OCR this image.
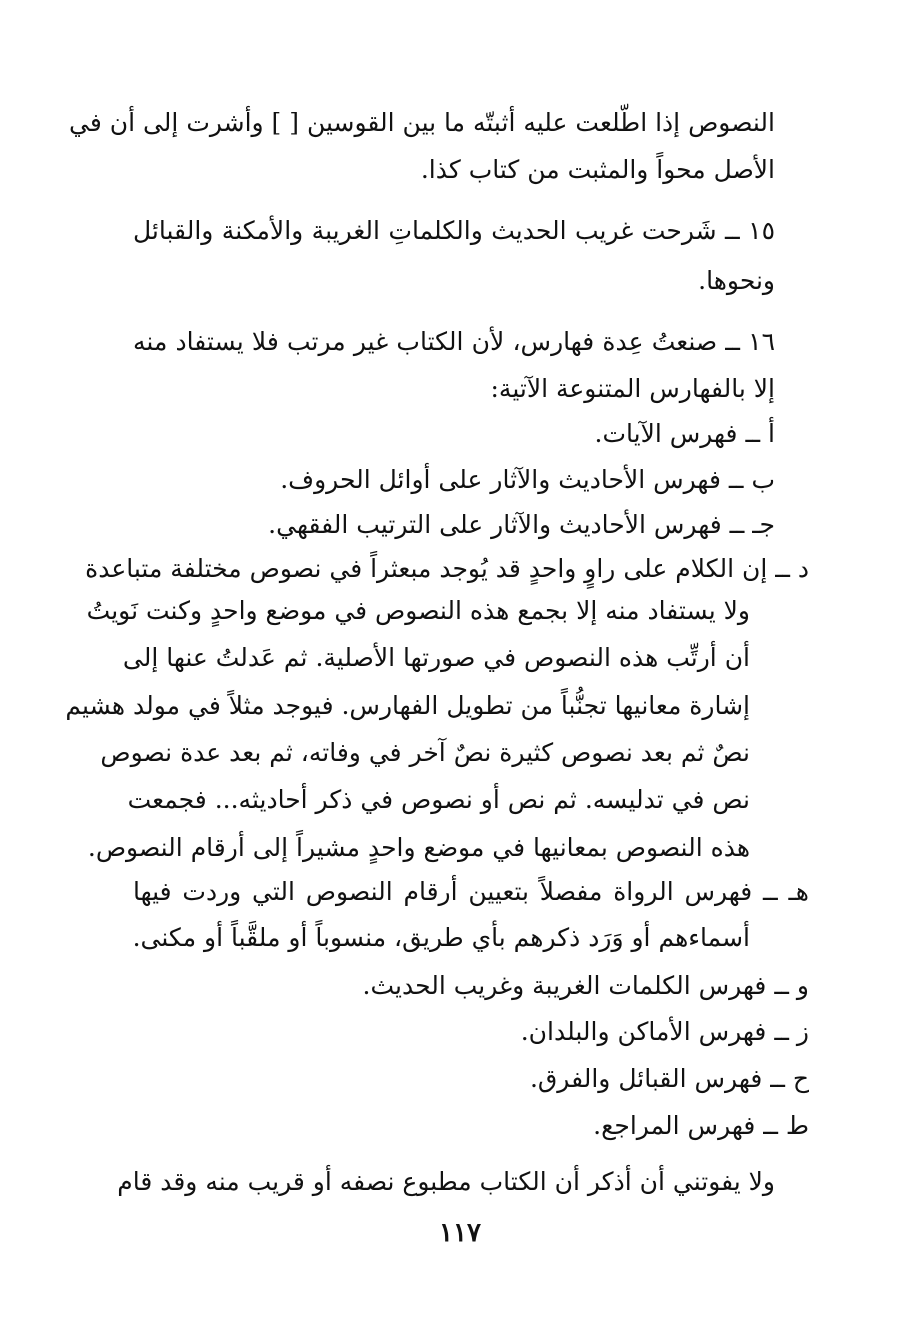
النصوص إذا اطّلعت عليه أثبتّه ما بين القوسين [ ] وأشرت إلى أن في
الأصل محواً والمثبت من كتاب كذا.
١٥ ــ شَرحت غريب الحديث والكلماتِ الغريبة والأمكنة والقبائل
ونحوها.
١٦ ــ صنعتُ عِدة فهارس، لأن الكتاب غير مرتب فلا يستفاد منه
إلا بالفهارس المتنوعة الآتية:
أ ــ فهرس الآيات.
ب ــ فهرس الأحاديث والآثار على أوائل الحروف.
جـ ــ فهرس الأحاديث والآثار على الترتيب الفقهي.
د ــ إن الكلام على راوٍ واحدٍ قد يُوجد مبعثراً في نصوص مختلفة متباعدة
ولا يستفاد منه إلا بجمع هذه النصوص في موضع واحدٍ وكنت نَويتُ
أن أرتِّب هذه النصوص في صورتها الأصلية. ثم عَدلتُ عنها إلى
إشارة معانيها تجنُّباً من تطويل الفهارس. فيوجد مثلاً في مولد هشيم
نصٌ ثم بعد نصوص كثيرة نصٌ آخر في وفاته، ثم بعد عدة نصوص
نص في تدليسه. ثم نص أو نصوص في ذكر أحاديثه... فجمعت
هذه النصوص بمعانيها في موضع واحدٍ مشيراً إلى أرقام النصوص.
هـ ــ فهرس الرواة مفصلاً بتعيين أرقام النصوص التي وردت فيها
أسماءهم أو وَرَد ذكرهم بأي طريق، منسوباً أو ملقَّباً أو مكنى.
و ــ فهرس الكلمات الغريبة وغريب الحديث.
ز ــ فهرس الأماكن والبلدان.
ح ــ فهرس القبائل والفرق.
ط ــ فهرس المراجع.
ولا يفوتني أن أذكر أن الكتاب مطبوع نصفه أو قريب منه وقد قام
١١٧
